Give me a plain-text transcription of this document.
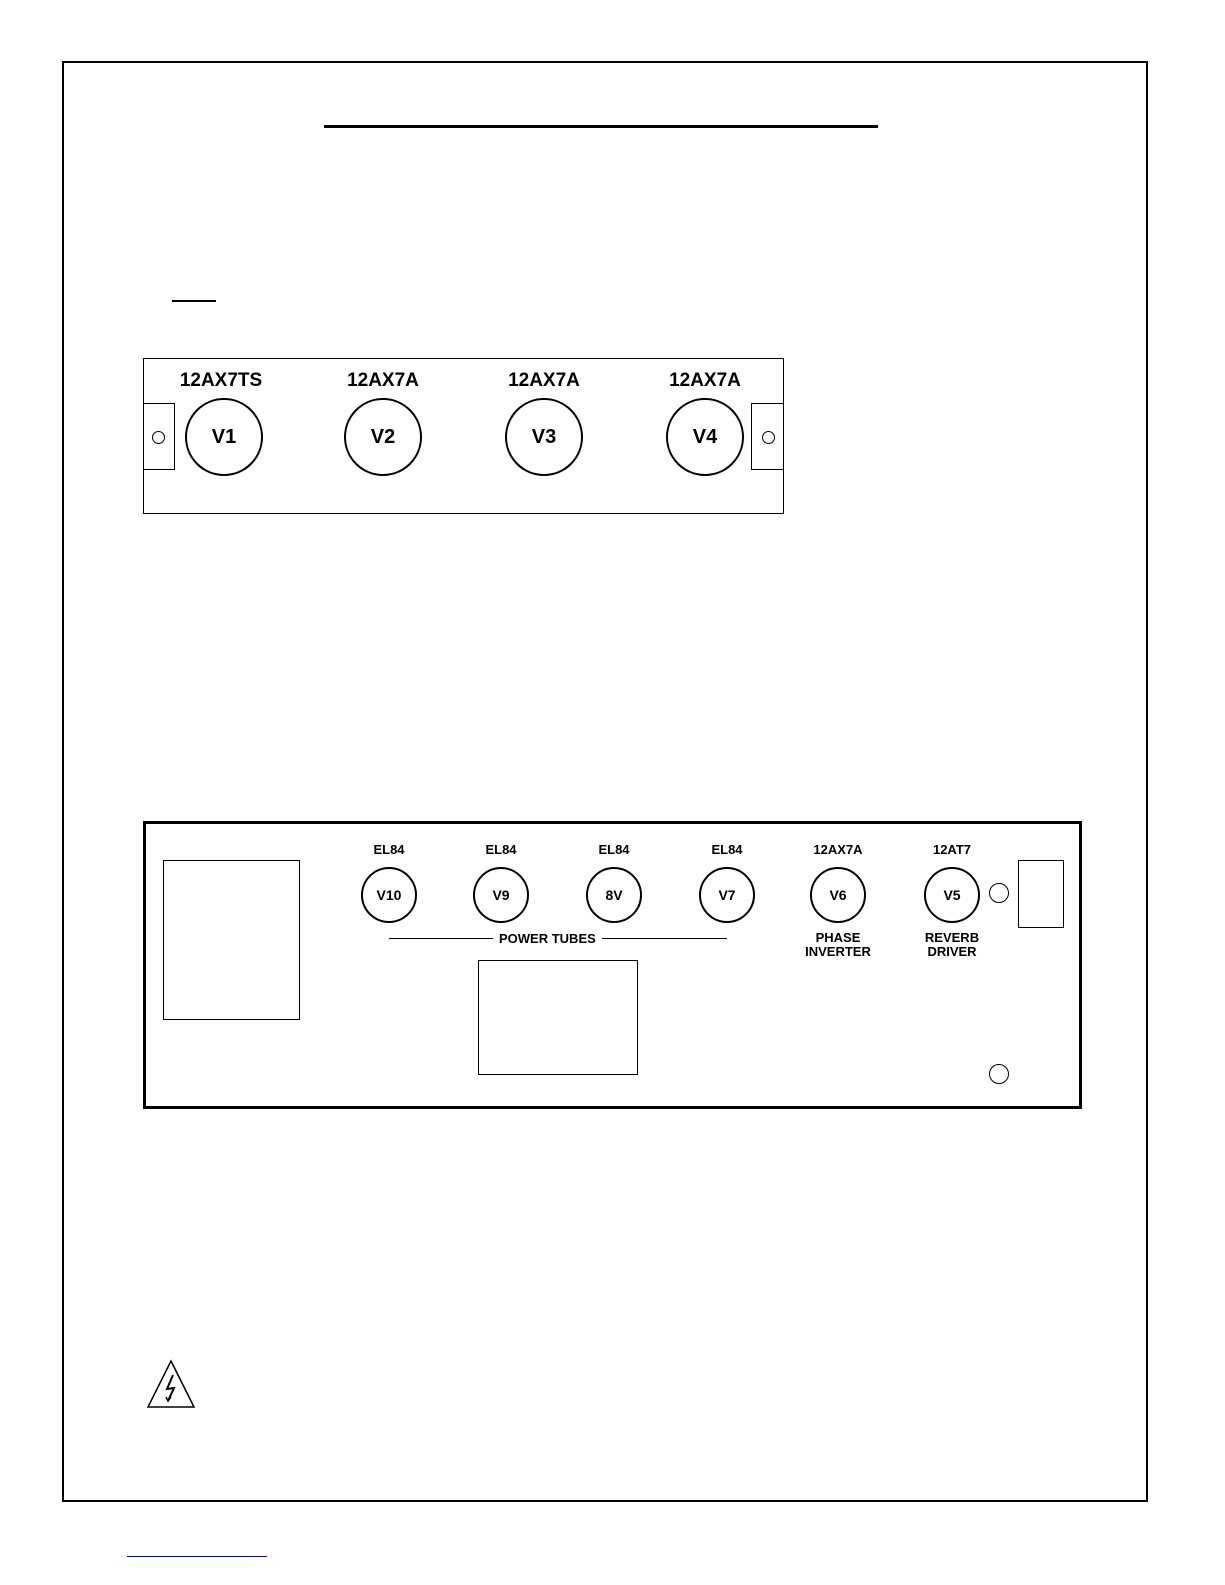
12AX7TS	12AX7A	12AX7A	12AX7A
V1	V2	V3	V4
EL84	EL84	EL84	EL84	12AX7A	12AT7
V10	V9	8V	V7	V6	V5
POWER TUBES	PHASE
INVERTER
REVERB
DRIVER
